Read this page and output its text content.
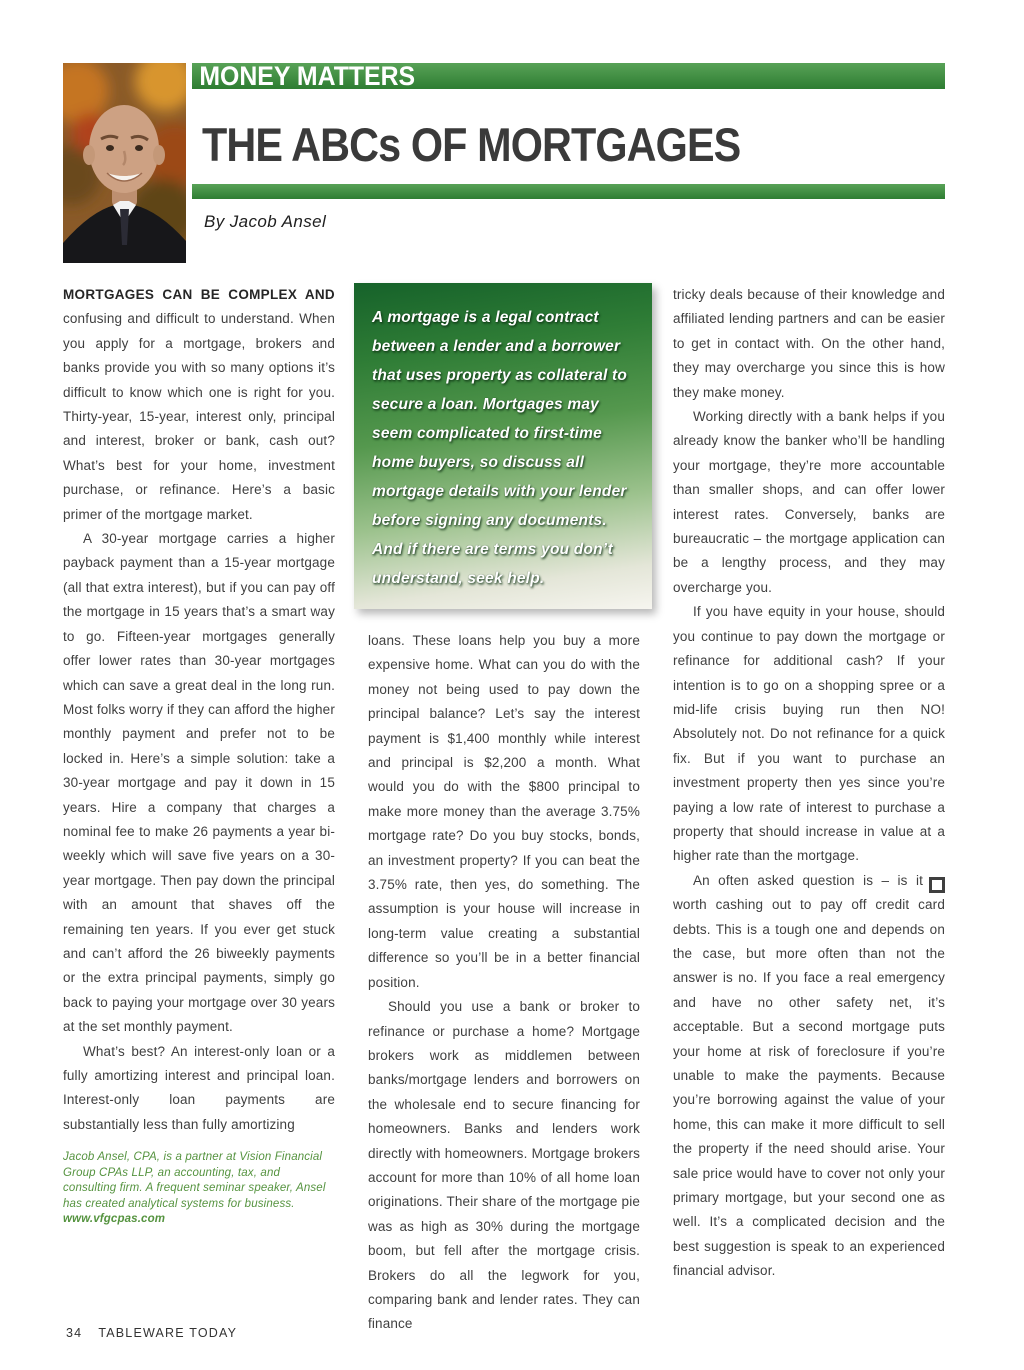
MONEY MATTERS
THE ABCs OF MORTGAGES
By Jacob Ansel

MORTGAGES CAN BE COMPLEX AND confusing and difficult to understand. When you apply for a mortgage, brokers and banks provide you with so many options it’s difficult to know which one is right for you. Thirty-year, 15-year, interest only, principal and interest, broker or bank, cash out? What’s best for your home, investment purchase, or refinance. Here’s a basic primer of the mortgage market.

A 30-year mortgage carries a higher payback payment than a 15-year mortgage (all that extra interest), but if you can pay off the mortgage in 15 years that’s a smart way to go. Fifteen-year mortgages generally offer lower rates than 30-year mortgages which can save a great deal in the long run. Most folks worry if they can afford the higher monthly payment and prefer not to be locked in. Here’s a simple solution: take a 30-year mortgage and pay it down in 15 years. Hire a company that charges a nominal fee to make 26 payments a year bi-weekly which will save five years on a 30-year mortgage. Then pay down the principal with an amount that shaves off the remaining ten years. If you ever get stuck and can’t afford the 26 biweekly payments or the extra principal payments, simply go back to paying your mortgage over 30 years at the set monthly payment.

What’s best? An interest-only loan or a fully amortizing interest and principal loan. Interest-only loan payments are substantially less than fully amortizing

Jacob Ansel, CPA, is a partner at Vision Financial Group CPAs LLP, an accounting, tax, and consulting firm. A frequent seminar speaker, Ansel has created analytical systems for business.
www.vfgcpas.com

A mortgage is a legal contract between a lender and a borrower that uses property as collateral to secure a loan. Mortgages may seem complicated to first-time home buyers, so discuss all mortgage details with your lender before signing any documents. And if there are terms you don’t understand, seek help.

loans. These loans help you buy a more expensive home. What can you do with the money not being used to pay down the principal balance? Let’s say the interest payment is $1,400 monthly while interest and principal is $2,200 a month. What would you do with the $800 principal to make more money than the average 3.75% mortgage rate? Do you buy stocks, bonds, an investment property? If you can beat the 3.75% rate, then yes, do something. The assumption is your house will increase in long-term value creating a substantial difference so you’ll be in a better financial position.

Should you use a bank or broker to refinance or purchase a home? Mortgage brokers work as middlemen between banks/mortgage lenders and borrowers on the wholesale end to secure financing for homeowners. Banks and lenders work directly with homeowners. Mortgage brokers account for more than 10% of all home loan originations. Their share of the mortgage pie was as high as 30% during the mortgage boom, but fell after the mortgage crisis. Brokers do all the legwork for you, comparing bank and lender rates. They can finance

tricky deals because of their knowledge and affiliated lending partners and can be easier to get in contact with. On the other hand, they may overcharge you since this is how they make money.

Working directly with a bank helps if you already know the banker who’ll be handling your mortgage, they’re more accountable than smaller shops, and can offer lower interest rates. Conversely, banks are bureaucratic – the mortgage application can be a lengthy process, and they may overcharge you.

If you have equity in your house, should you continue to pay down the mortgage or refinance for additional cash? If your intention is to go on a shopping spree or a mid-life crisis buying run then NO! Absolutely not. Do not refinance for a quick fix. But if you want to purchase an investment property then yes since you’re paying a low rate of interest to purchase a property that should increase in value at a higher rate than the mortgage.

An often asked question is – is it worth cashing out to pay off credit card debts. This is a tough one and depends on the case, but more often than not the answer is no. If you face a real emergency and have no other safety net, it’s acceptable. But a second mortgage puts your home at risk of foreclosure if you’re unable to make the payments. Because you’re borrowing against the value of your home, this can make it more difficult to sell the property if the need should arise. Your sale price would have to cover not only your primary mortgage, but your second one as well. It’s a complicated decision and the best suggestion is speak to an experienced financial advisor.

34 TABLEWARE TODAY
